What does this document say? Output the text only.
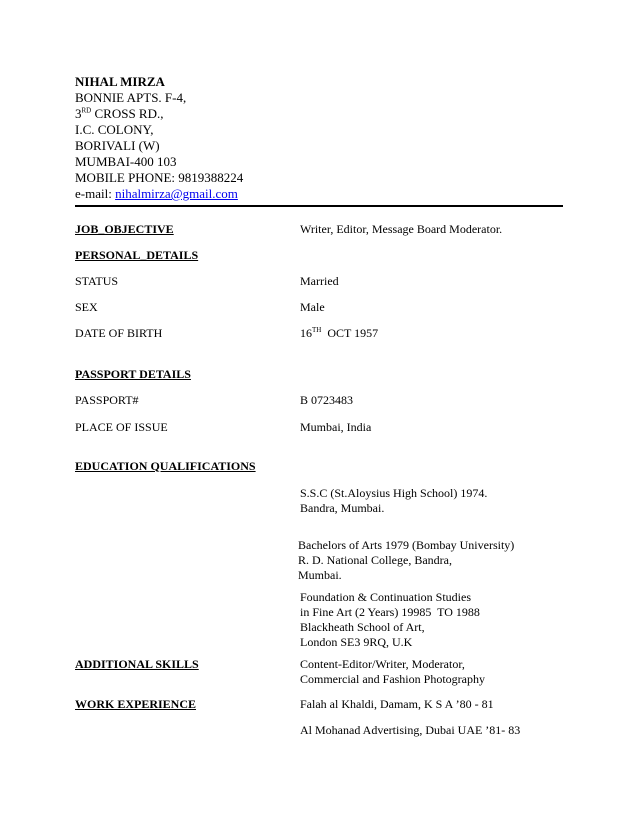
NIHAL MIRZA
BONNIE APTS. F-4,
3RD CROSS RD.,
I.C. COLONY,
BORIVALI (W)
MUMBAI-400 103
MOBILE PHONE: 9819388224
e-mail: nihalmirza@gmail.com
JOB_OBJECTIVE	Writer, Editor, Message Board Moderator.
PERSONAL_DETAILS
STATUS	Married
SEX	Male
DATE OF BIRTH	16TH  OCT 1957
PASSPORT DETAILS
PASSPORT#	B 0723483
PLACE OF ISSUE	Mumbai, India
EDUCATION QUALIFICATIONS
S.S.C (St.Aloysius High School) 1974.
Bandra, Mumbai.
Bachelors of Arts 1979 (Bombay University)
R. D. National College, Bandra,
Mumbai.
Foundation & Continuation Studies
in Fine Art (2 Years) 19985  TO 1988
Blackheath School of Art,
London SE3 9RQ, U.K
ADDITIONAL SKILLS	Content-Editor/Writer, Moderator,
Commercial and Fashion Photography
WORK EXPERIENCE	Falah al Khaldi, Damam, K S A ’80 - 81
Al Mohanad Advertising, Dubai UAE ’81- 83
